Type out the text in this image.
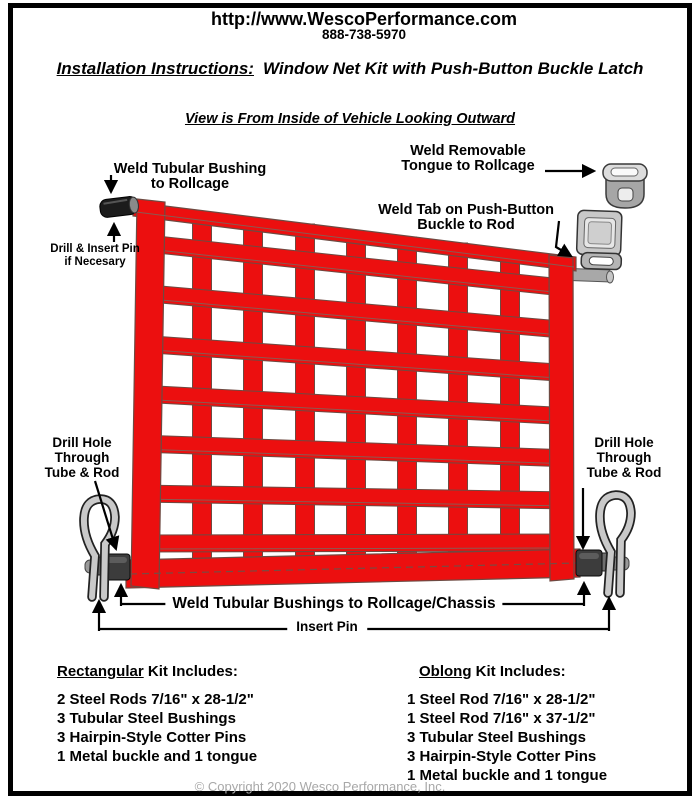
http://www.WescoPerformance.com
888-738-5970
Installation Instructions: Window Net Kit with Push-Button Buckle Latch
View is From Inside of Vehicle Looking Outward
Weld Tubular Bushing
to Rollcage
Drill & Insert Pin
if Necesary
Weld Removable
Tongue to Rollcage
Weld Tab on Push-Button
Buckle to Rod
Drill Hole
Through
Tube & Rod
Drill Hole
Through
Tube & Rod
Weld Tubular Bushings to Rollcage/Chassis
Insert Pin
Rectangular Kit Includes:
2 Steel Rods 7/16" x 28-1/2"
3 Tubular Steel Bushings
3 Hairpin-Style Cotter Pins
1 Metal buckle and 1 tongue
Oblong Kit Includes:
1 Steel Rod 7/16" x 28-1/2"
1 Steel Rod 7/16" x 37-1/2"
3 Tubular Steel Bushings
3 Hairpin-Style Cotter Pins
1 Metal buckle and 1 tongue
© Copyright 2020 Wesco Performance, Inc.
